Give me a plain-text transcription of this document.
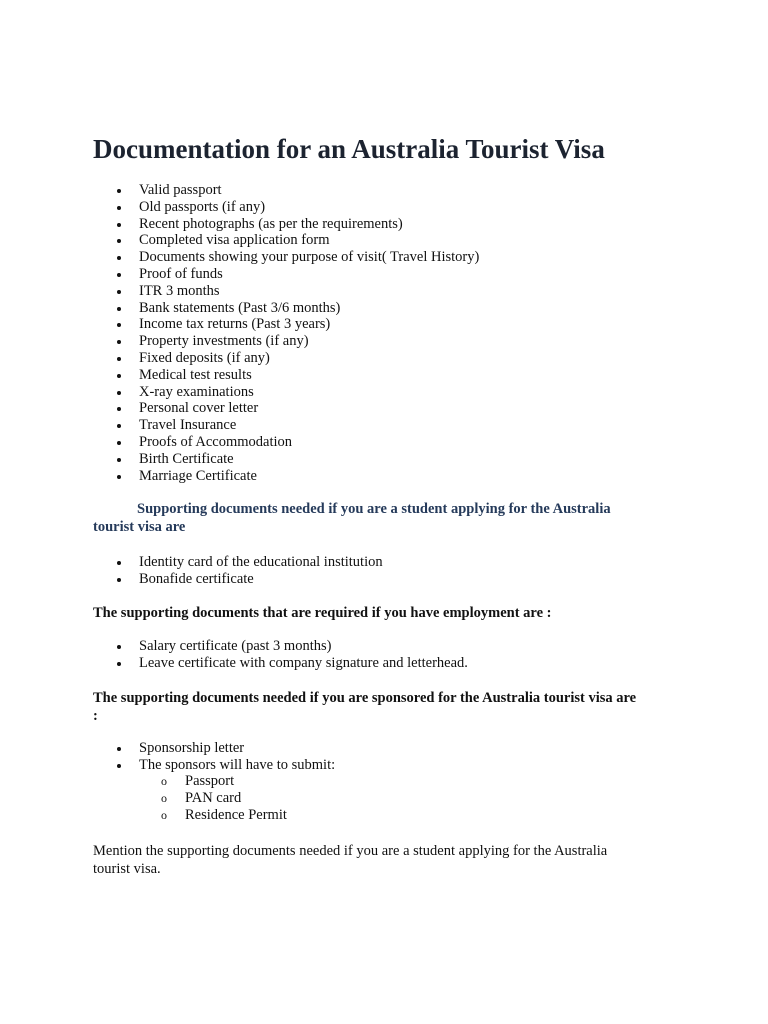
Documentation for an Australia Tourist Visa
Valid passport
Old passports (if any)
Recent photographs (as per the requirements)
Completed visa application form
Documents showing your purpose of visit( Travel History)
Proof of funds
ITR 3 months
Bank statements (Past 3/6 months)
Income tax returns (Past 3 years)
Property investments (if any)
Fixed deposits (if any)
Medical test results
X-ray examinations
Personal cover letter
Travel Insurance
Proofs of Accommodation
Birth Certificate
Marriage Certificate
Supporting documents needed if you are a student applying for the Australia
tourist visa are
Identity card of the educational institution
Bonafide certificate
The supporting documents that are required if you have employment are :
Salary certificate (past 3 months)
Leave certificate with company signature and letterhead.
The supporting documents needed if you are sponsored for the Australia tourist visa are
:
Sponsorship letter
The sponsors will have to submit:
o Passport
o PAN card
o Residence Permit
Mention the supporting documents needed if you are a student applying for the Australia
tourist visa.
